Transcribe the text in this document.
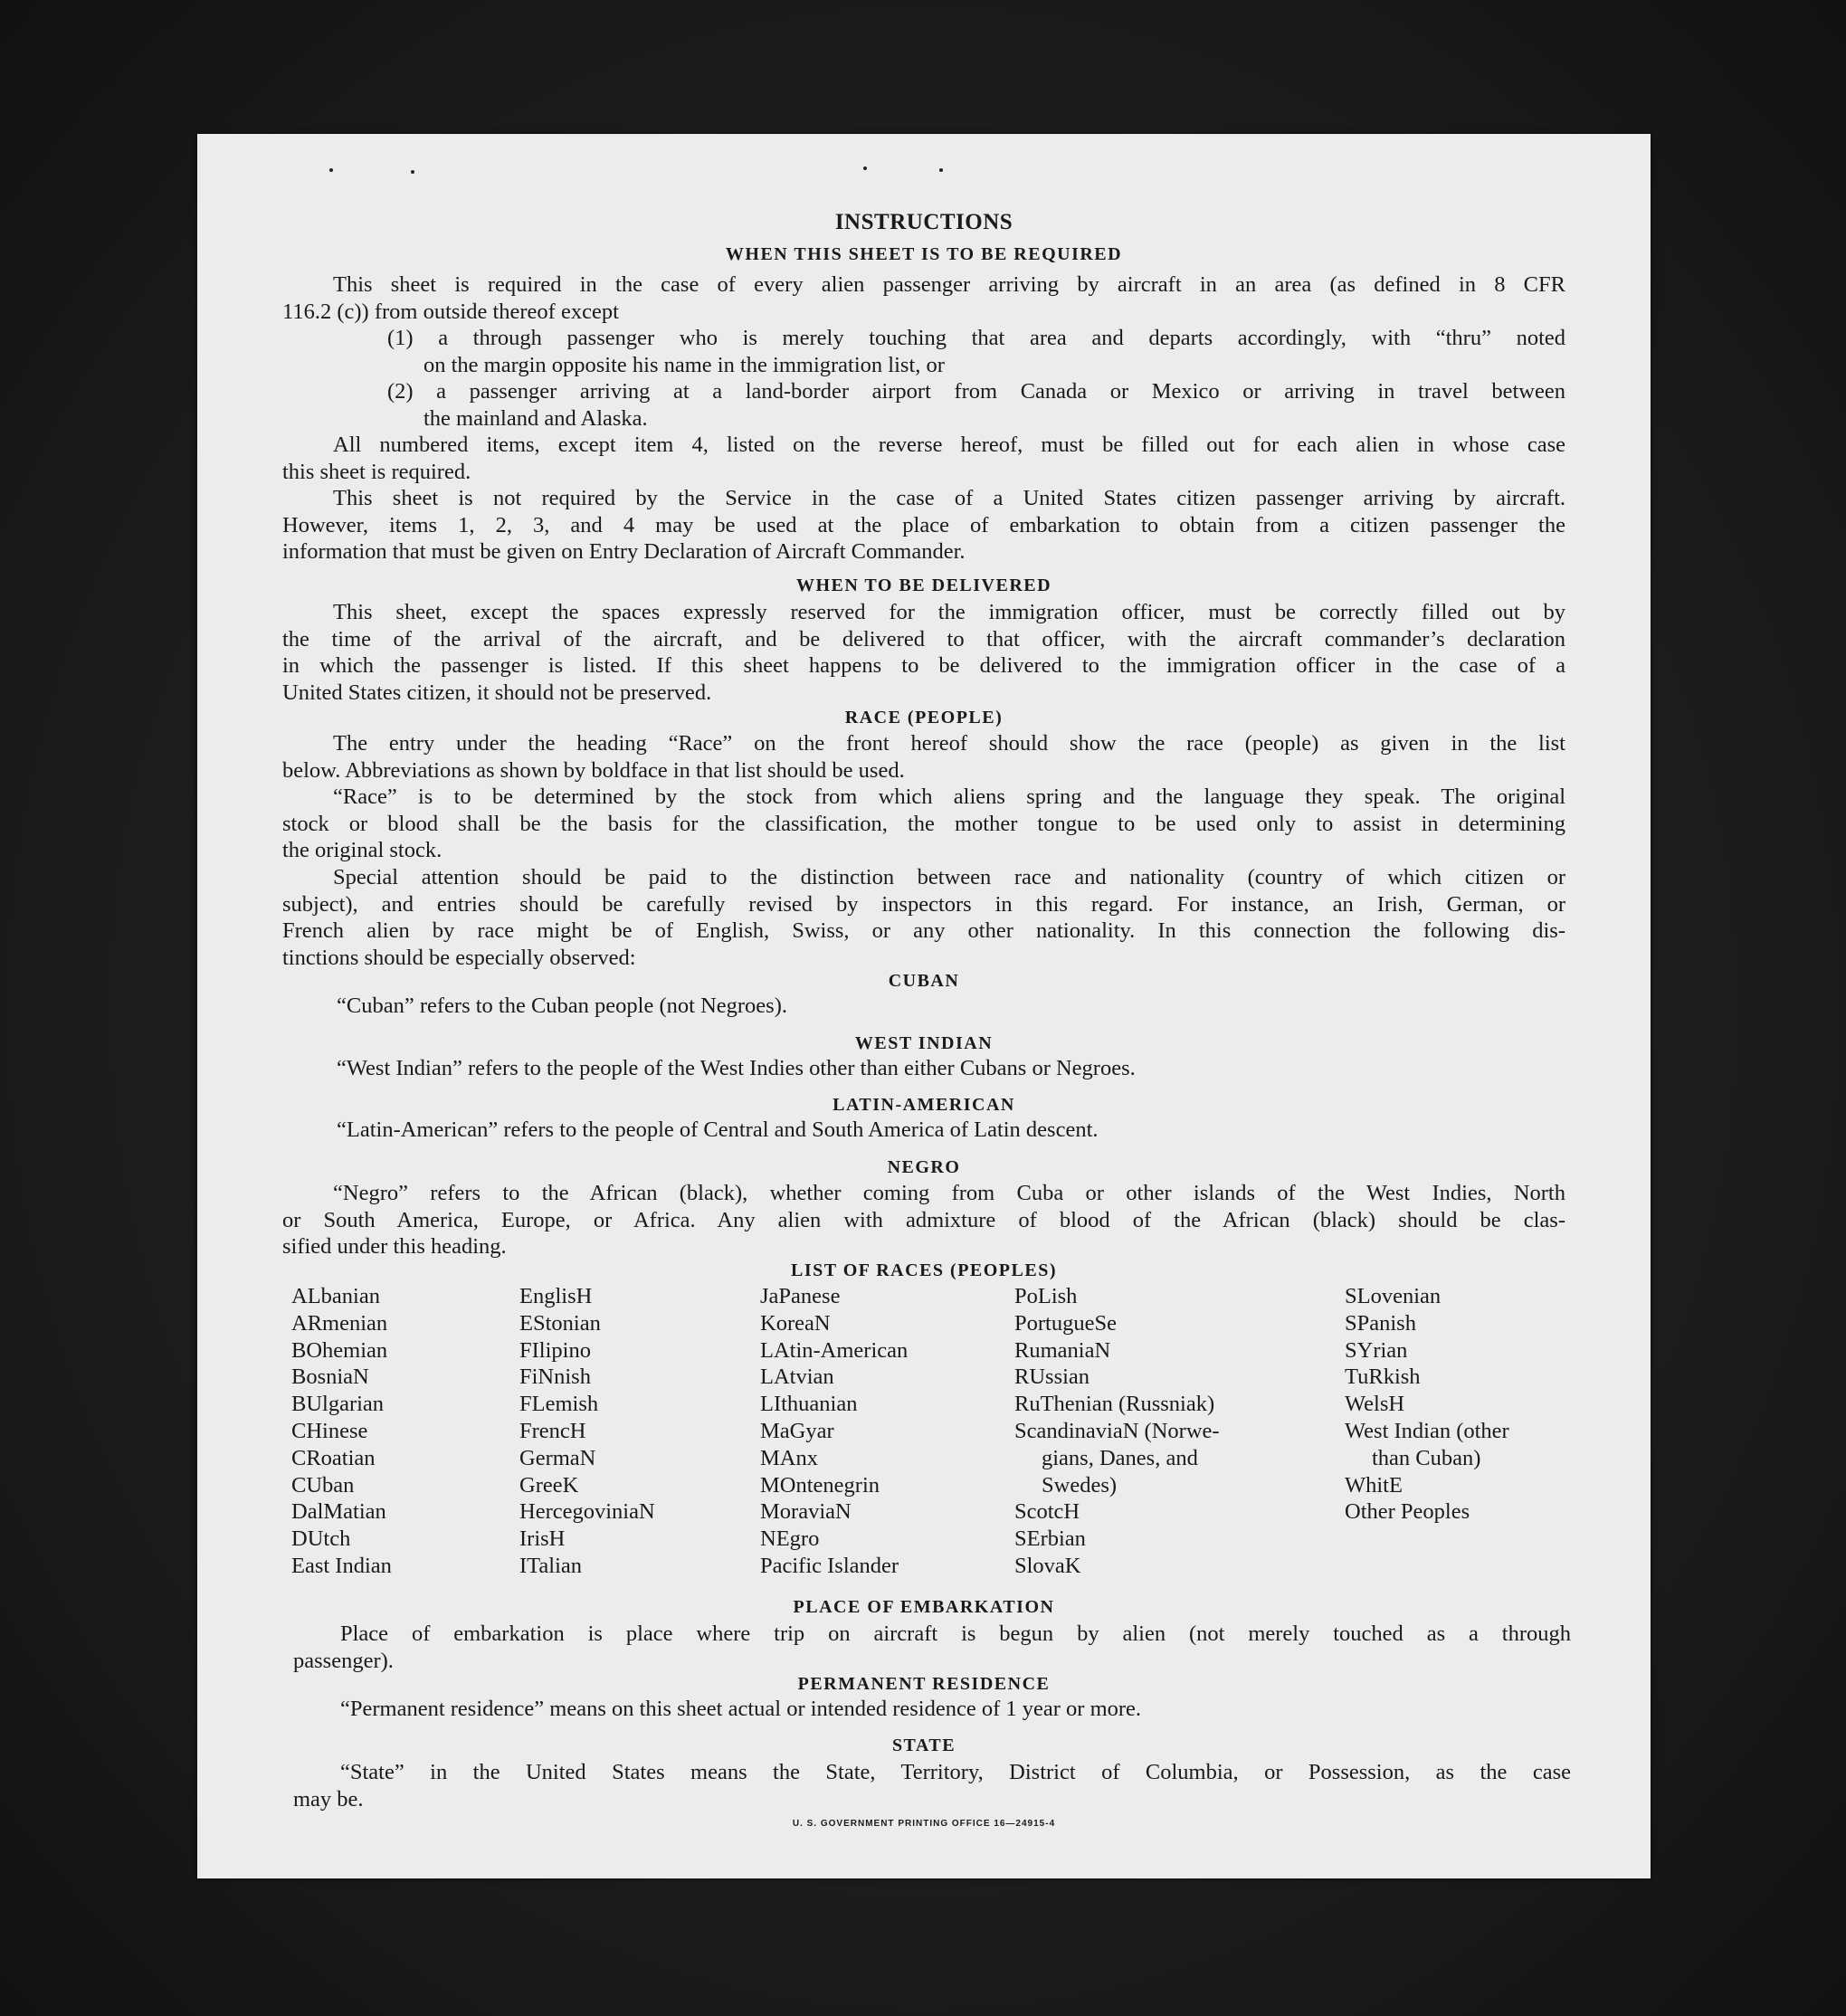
INSTRUCTIONS
WHEN THIS SHEET IS TO BE REQUIRED
This sheet is required in the case of every alien passenger arriving by aircraft in an area (as defined in 8 CFR
116.2 (c)) from outside thereof except
(1) a through passenger who is merely touching that area and departs accordingly, with “thru” noted
on the margin opposite his name in the immigration list, or
(2) a passenger arriving at a land-border airport from Canada or Mexico or arriving in travel between
the mainland and Alaska.
All numbered items, except item 4, listed on the reverse hereof, must be filled out for each alien in whose case
this sheet is required.
This sheet is not required by the Service in the case of a United States citizen passenger arriving by aircraft.
However, items 1, 2, 3, and 4 may be used at the place of embarkation to obtain from a citizen passenger the
information that must be given on Entry Declaration of Aircraft Commander.
WHEN TO BE DELIVERED
This sheet, except the spaces expressly reserved for the immigration officer, must be correctly filled out by
the time of the arrival of the aircraft, and be delivered to that officer, with the aircraft commander’s declaration
in which the passenger is listed. If this sheet happens to be delivered to the immigration officer in the case of a
United States citizen, it should not be preserved.
RACE (PEOPLE)
The entry under the heading “Race” on the front hereof should show the race (people) as given in the list
below. Abbreviations as shown by boldface in that list should be used.
“Race” is to be determined by the stock from which aliens spring and the language they speak. The original
stock or blood shall be the basis for the classification, the mother tongue to be used only to assist in determining
the original stock.
Special attention should be paid to the distinction between race and nationality (country of which citizen or
subject), and entries should be carefully revised by inspectors in this regard. For instance, an Irish, German, or
French alien by race might be of English, Swiss, or any other nationality. In this connection the following dis-
tinctions should be especially observed:
CUBAN
“Cuban” refers to the Cuban people (not Negroes).
WEST INDIAN
“West Indian” refers to the people of the West Indies other than either Cubans or Negroes.
LATIN-AMERICAN
“Latin-American” refers to the people of Central and South America of Latin descent.
NEGRO
“Negro” refers to the African (black), whether coming from Cuba or other islands of the West Indies, North
or South America, Europe, or Africa. Any alien with admixture of blood of the African (black) should be clas-
sified under this heading.
LIST OF RACES (PEOPLES)
ALbanian
ARmenian
BOhemian
BosniaN
BUlgarian
CHinese
CRoatian
CUban
DalMatian
DUtch
East Indian
EnglisH
EStonian
FIlipino
FiNnish
FLemish
FrencH
GermaN
GreeK
HercegoviniaN
IrisH
ITalian
JaPanese
KoreaN
LAtin-American
LAtvian
LIthuanian
MaGyar
MAnx
MOntenegrin
MoraviaN
NEgro
Pacific Islander
PoLish
PortugueSe
RumaniaN
RUssian
RuThenian (Russniak)
ScandinaviaN (Norwe-
gians, Danes, and
Swedes)
ScotcH
SErbian
SlovaK
SLovenian
SPanish
SYrian
TuRkish
WelsH
West Indian (other
than Cuban)
WhitE
Other Peoples
PLACE OF EMBARKATION
Place of embarkation is place where trip on aircraft is begun by alien (not merely touched as a through
passenger).
PERMANENT RESIDENCE
“Permanent residence” means on this sheet actual or intended residence of 1 year or more.
STATE
“State” in the United States means the State, Territory, District of Columbia, or Possession, as the case
may be.
U. S. GOVERNMENT PRINTING OFFICE 16—24915-4
